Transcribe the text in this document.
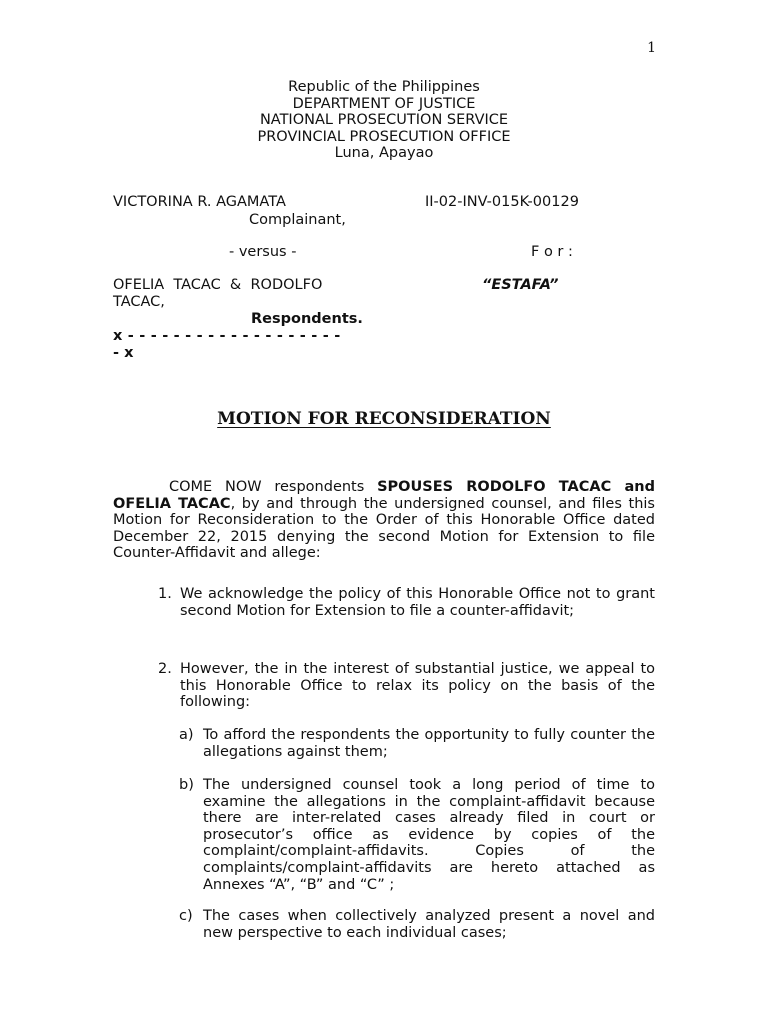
1
Republic of the Philippines
DEPARTMENT OF JUSTICE
NATIONAL PROSECUTION SERVICE
PROVINCIAL PROSECUTION OFFICE
Luna, Apayao
VICTORINA R. AGAMATA	II-02-INV-015K-00129
Complainant,
- versus -	F o r :
OFELIA  TACAC  &  RODOLFO
TACAC,
“ESTAFA”
Respondents.
x - - - - - - - - - - - - - - - - - - -
- x
MOTION FOR RECONSIDERATION
COME NOW respondents SPOUSES RODOLFO TACAC and OFELIA TACAC, by and through the undersigned counsel, and files this Motion for Reconsideration to the Order of this Honorable Office dated December 22, 2015 denying the second Motion for Extension to file Counter-Affidavit and allege:
1. We acknowledge the policy of this Honorable Office not to grant second Motion for Extension to file a counter-affidavit;
2. However, the in the interest of substantial justice, we appeal to this Honorable Office to relax its policy on the basis of the following:
a) To afford the respondents the opportunity to fully counter the allegations against them;
b) The undersigned counsel took a long period of time to examine the allegations in the complaint-affidavit because there are inter-related cases already filed in court or prosecutor’s office as evidence by copies of the complaint/complaint-affidavits. Copies of the complaints/complaint-affidavits are hereto attached as Annexes “A”, “B” and “C” ;
c) The cases when collectively analyzed present a novel and new perspective to each individual cases;
